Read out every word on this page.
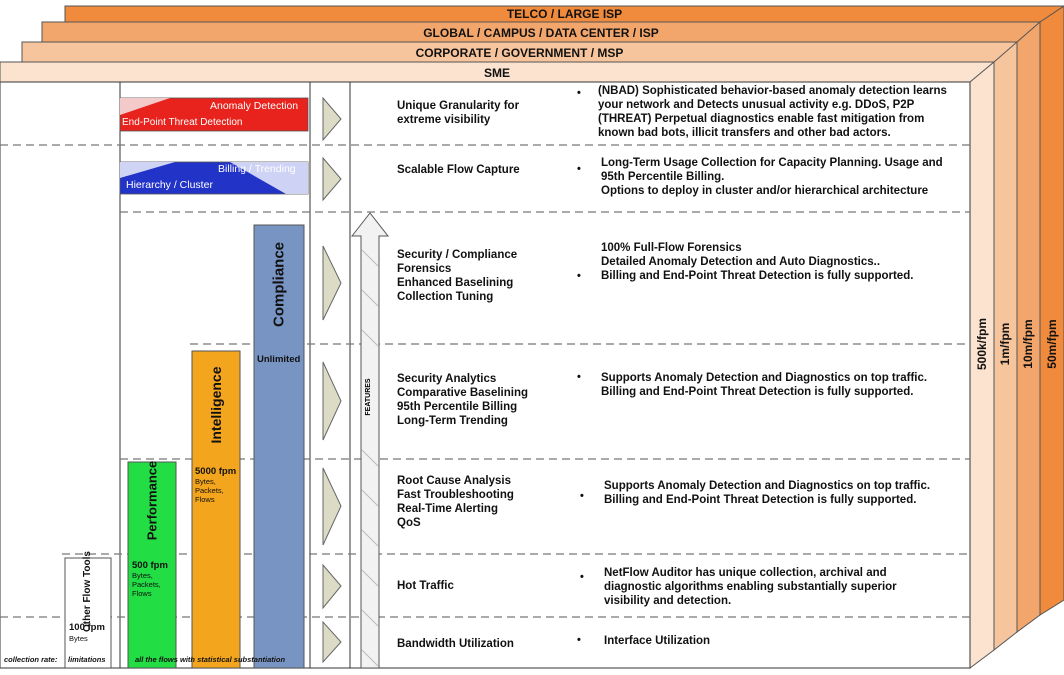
TELCO / LARGE ISP
GLOBAL / CAMPUS / DATA CENTER / ISP
CORPORATE / GOVERNMENT / MSP
SME
500k/fpm 1m/fpm 10m/fpm 50m/fpm
Anomaly Detection
End-Point Threat Detection
Billing / Trending
Hierarchy / Cluster
Other Flow Tools
100 fpm
Bytes
Performance
500 fpm
Bytes,
Packets,
Flows
Intelligence
5000 fpm
Bytes,
Packets,
Flows
Compliance
Unlimited
FEATURES
Unique Granularity for
extreme visibility
• (NBAD) Sophisticated behavior-based anomaly detection learns
your network and Detects unusual activity e.g. DDoS, P2P
(THREAT) Perpetual diagnostics enable fast mitigation from
known bad bots, illicit transfers and other bad actors.
Scalable Flow Capture	• Long-Term Usage Collection for Capacity Planning. Usage and
95th Percentile Billing.
Options to deploy in cluster and/or hierarchical architecture
Security / Compliance
Forensics
Enhanced Baselining
Collection Tuning
•
100% Full-Flow Forensics
Detailed Anomaly Detection and Auto Diagnostics..
Billing and End-Point Threat Detection is fully supported.
Security Analytics
Comparative Baselining
95th Percentile Billing
Long-Term Trending
• Supports Anomaly Detection and Diagnostics on top traffic.
Billing and End-Point Threat Detection is fully supported.
Root Cause Analysis
Fast Troubleshooting
Real-Time Alerting
QoS
•
Supports Anomaly Detection and Diagnostics on top traffic.
Billing and End-Point Threat Detection is fully supported.
Hot Traffic
• NetFlow Auditor has unique collection, archival and
diagnostic algorithms enabling substantially superior
visibility and detection.
Bandwidth Utilization	• Interface Utilization
collection rate: limitations	all the flows with statistical substantiation
